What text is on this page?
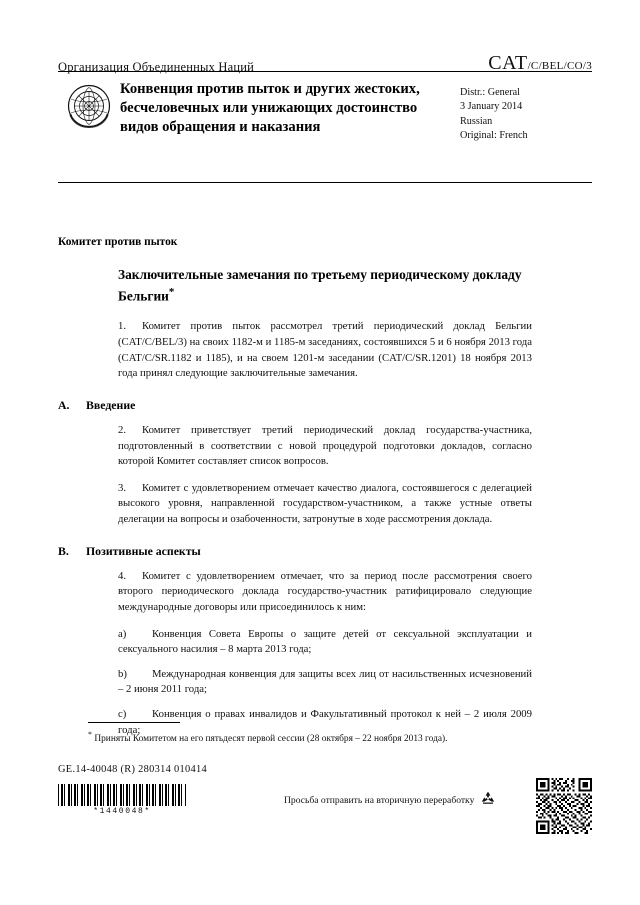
Организация Объединенных Наций	CAT/C/BEL/CO/3
Конвенция против пыток и других жестоких, бесчеловечных или унижающих достоинство видов обращения и наказания
Distr.: General
3 January 2014
Russian
Original: French
Комитет против пыток
Заключительные замечания по третьему периодическому докладу Бельгии*

1. Комитет против пыток рассмотрел третий периодический доклад Бельгии (CAT/C/BEL/3) на своих 1182-м и 1185-м заседаниях, состоявшихся 5 и 6 ноября 2013 года (CAT/C/SR.1182 и 1185), и на своем 1201-м заседании (CAT/C/SR.1201) 18 ноября 2013 года принял следующие заключительные замечания.

A. Введение

2. Комитет приветствует третий периодический доклад государства-участника, подготовленный в соответствии с новой процедурой подготовки докладов, согласно которой Комитет составляет список вопросов.

3. Комитет с удовлетворением отмечает качество диалога, состоявшегося с делегацией высокого уровня, направленной государством-участником, а также устные ответы делегации на вопросы и озабоченности, затронутые в ходе рассмотрения доклада.

B. Позитивные аспекты

4. Комитет с удовлетворением отмечает, что за период после рассмотрения своего второго периодического доклада государство-участник ратифицировало следующие международные договоры или присоединилось к ним:

a) Конвенция Совета Европы о защите детей от сексуальной эксплуатации и сексуального насилия – 8 марта 2013 года;

b) Международная конвенция для защиты всех лиц от насильственных исчезновений – 2 июня 2011 года;

c) Конвенция о правах инвалидов и Факультативный протокол к ней – 2 июля 2009 года;

* Приняты Комитетом на его пятьдесят первой сессии (28 октября – 22 ноября 2013 года).
GE.14-40048 (R) 280314 010414
*1440048*
Просьба отправить на вторичную переработку
